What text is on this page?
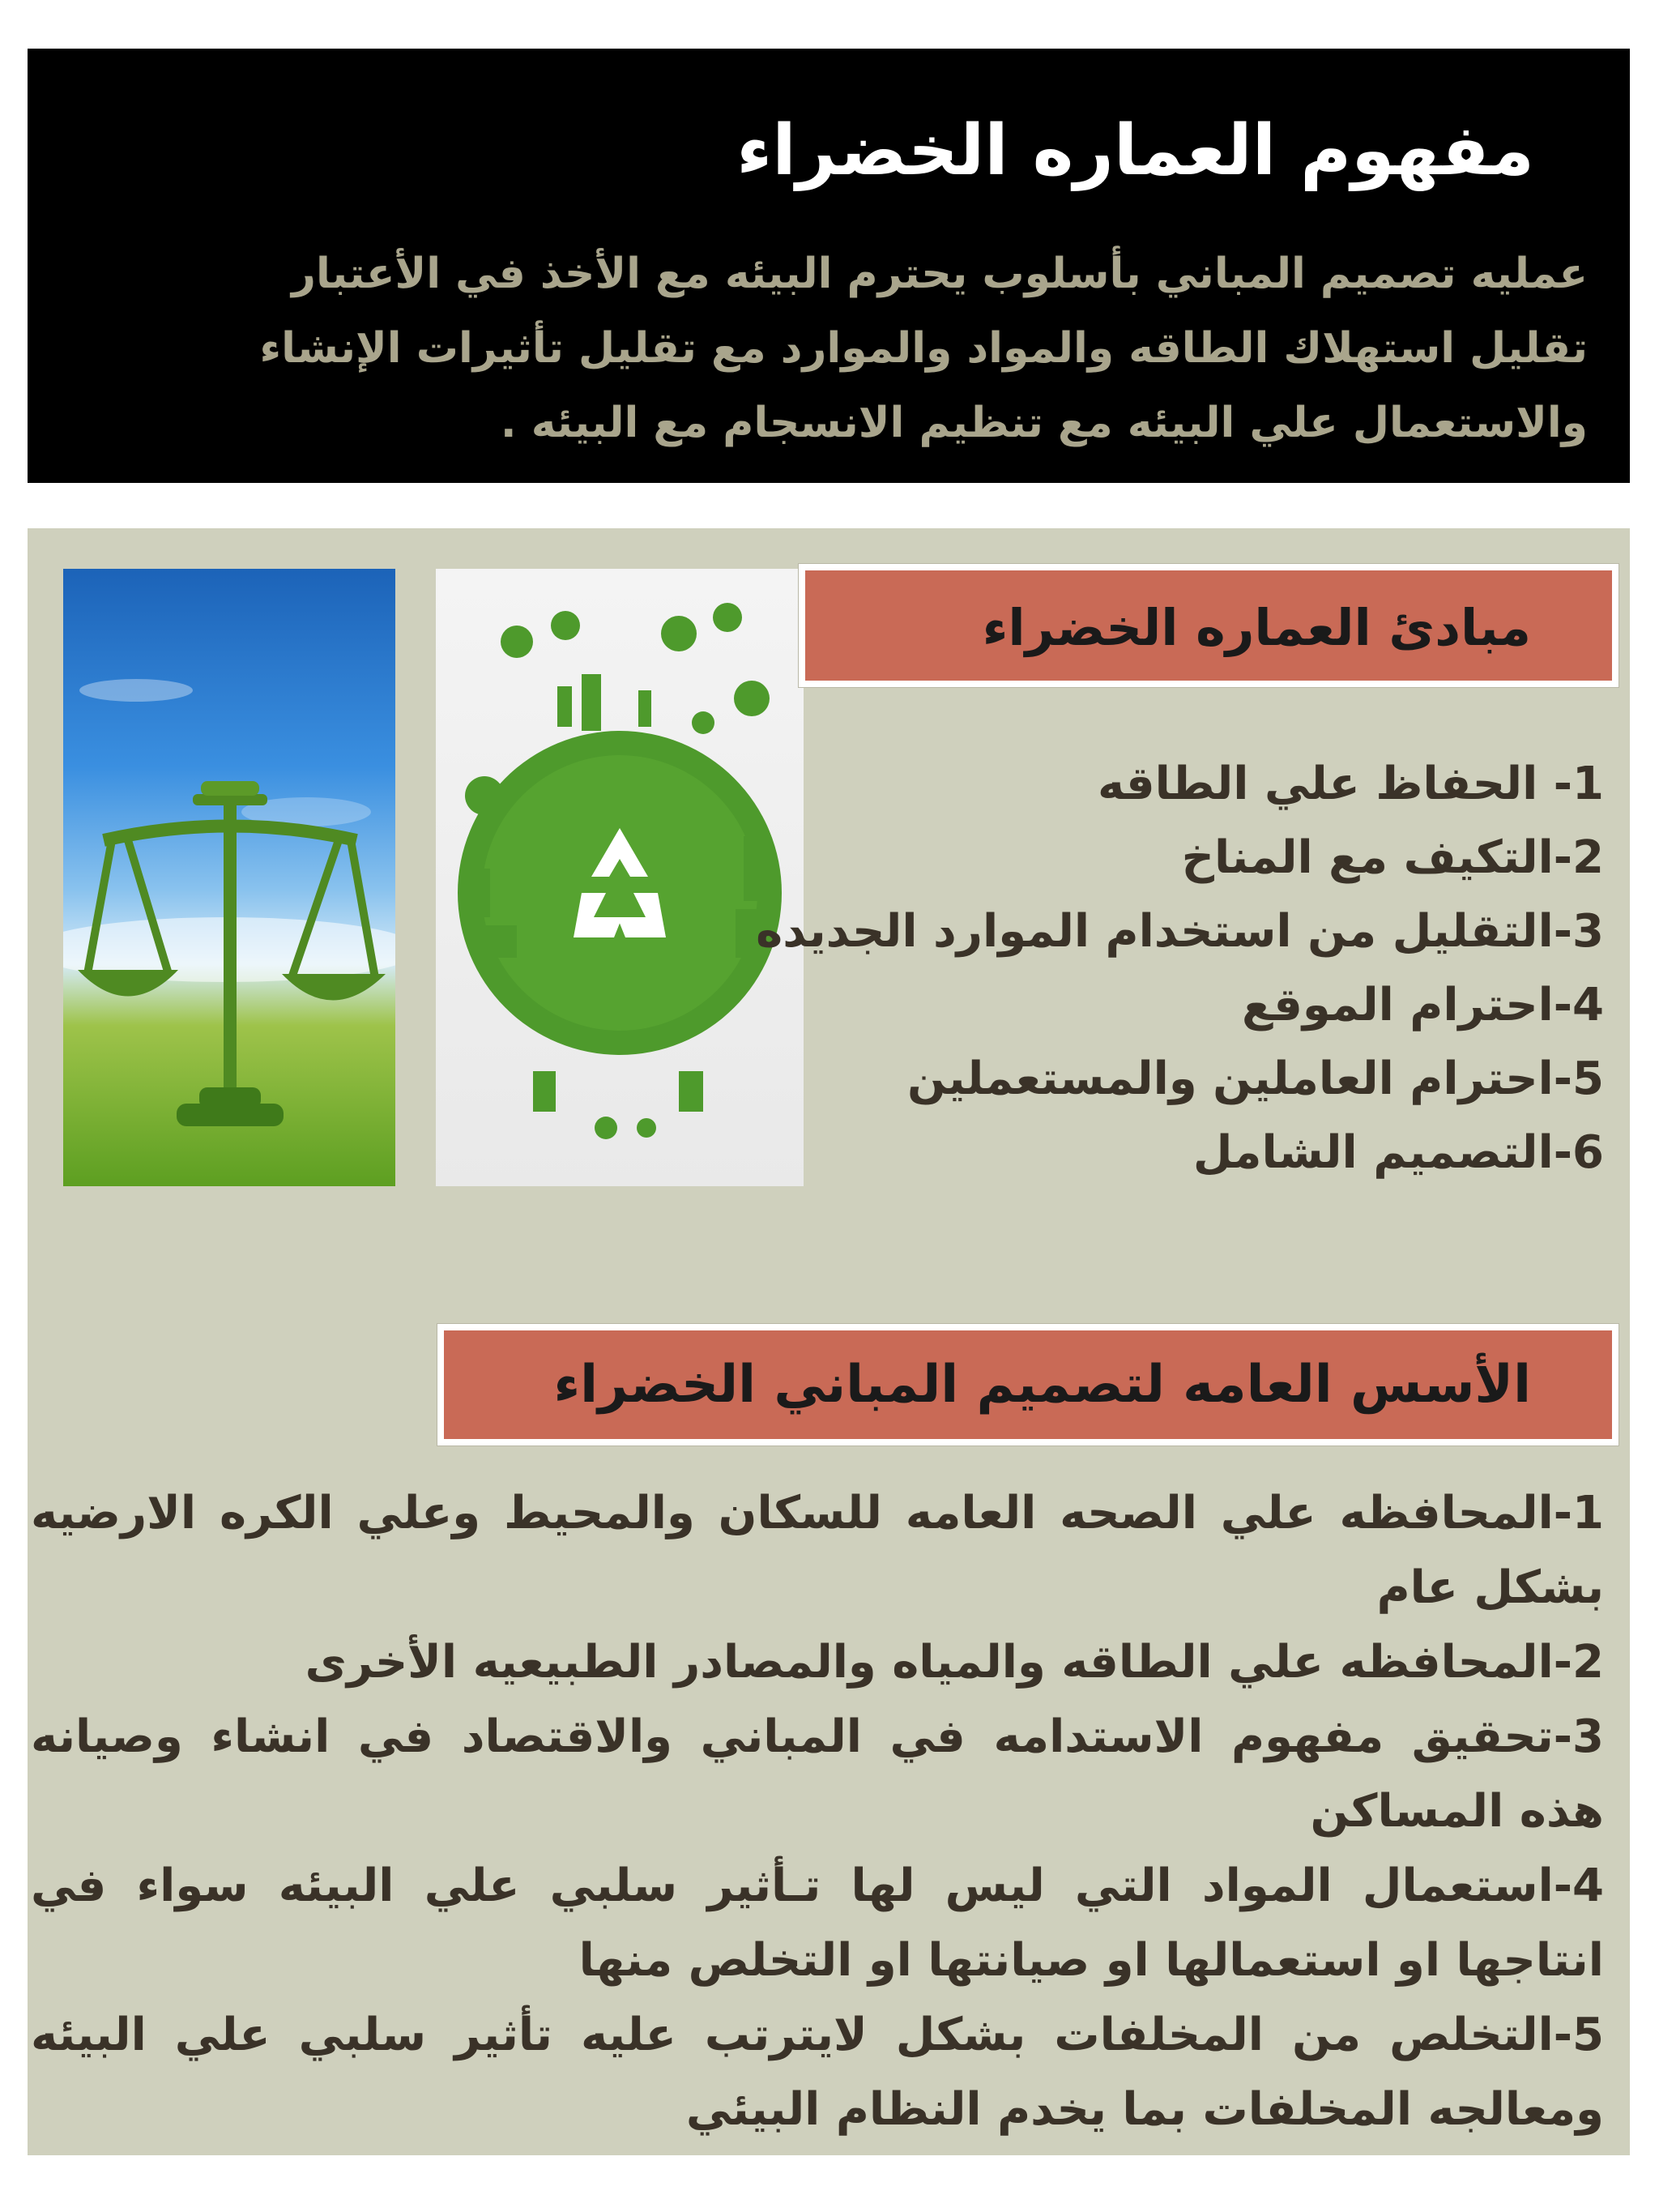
مفهوم العماره الخضراء
عمليه تصميم المباني بأسلوب يحترم البيئه مع الأخذ في الأعتبار تقليل استهلاك الطاقه والمواد والموارد مع تقليل تأثيرات الإنشاء والاستعمال علي البيئه مع تنظيم الانسجام مع البيئه .
مبادئ العماره الخضراء
1- الحفاظ علي الطاقه
2-التكيف مع المناخ
3-التقليل من استخدام الموارد الجديده
4-احترام الموقع
5-احترام العاملين والمستعملين
6-التصميم الشامل
الأسس العامه لتصميم المباني الخضراء
1-المحافظه علي الصحه العامه للسكان والمحيط وعلي الكره الارضيه بشكل عام
2-المحافظه علي الطاقه والمياه والمصادر الطبيعيه الأخرى
3-تحقيق مفهوم الاستدامه في المباني والاقتصاد في انشاء وصيانه هذه المساكن
4-استعمال المواد التي ليس لها تـأثير سلبي علي البيئه سواء في انتاجها او استعمالها او صيانتها او التخلص منها
5-التخلص من المخلفات بشكل لايترتب عليه تأثير سلبي علي البيئه ومعالجه المخلفات بما يخدم النظام البيئي
